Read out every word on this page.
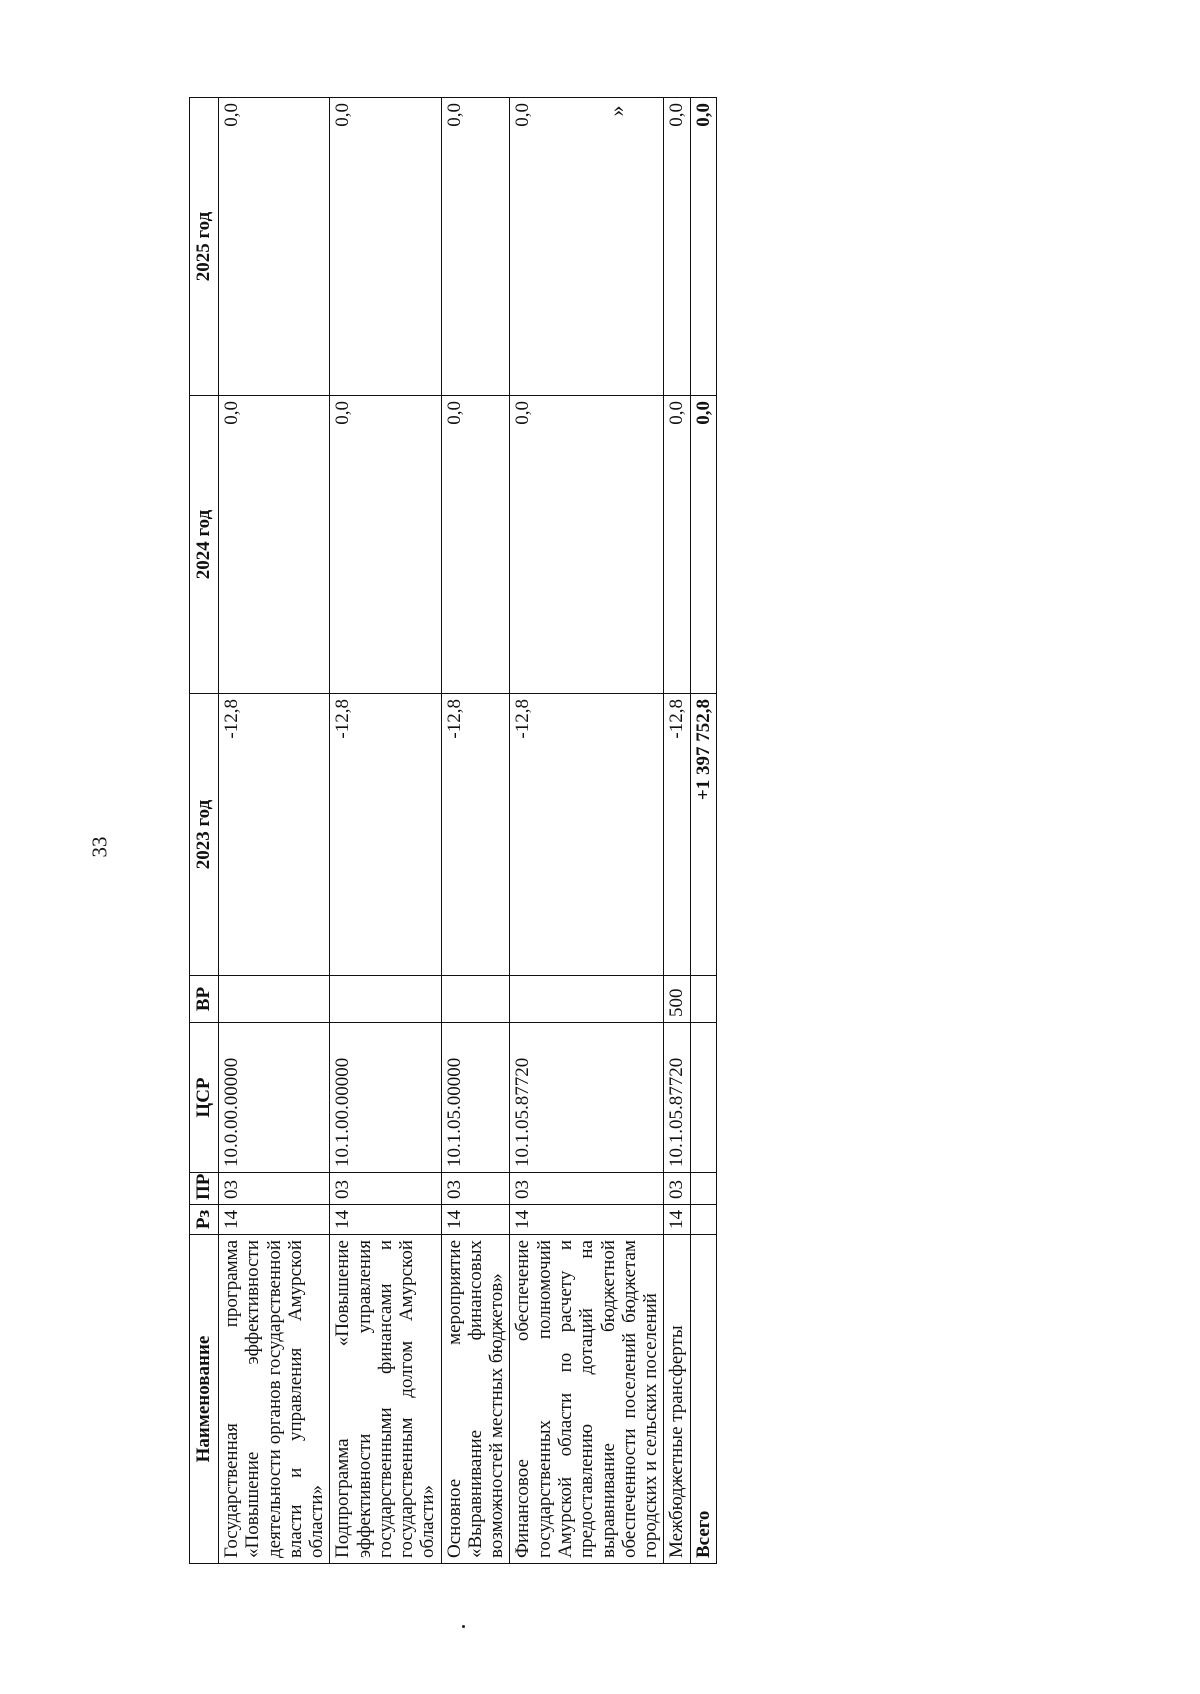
33
Наименование	Рз	ПР	ЦСР	ВР	2023 год	2024 год	2025 год
Государственная программа «Повышение эффективности деятельности органов государственной власти и управления Амурской области»	14	03	10.0.00.00000		-12,8	0,0	0,0
Подпрограмма «Повышение эффективности управления государственными финансами и государственным долгом Амурской области»	14	03	10.1.00.00000		-12,8	0,0	0,0
Основное мероприятие «Выравнивание финансовых возможностей местных бюджетов»	14	03	10.1.05.00000		-12,8	0,0	0,0
Финансовое обеспечение государственных полномочий Амурской области по расчету и предоставлению дотаций на выравнивание бюджетной обеспеченности поселений бюджетам городских и сельских поселений	14	03	10.1.05.87720		-12,8	0,0	0,0
Межбюджетные трансферты	14	03	10.1.05.87720	500	-12,8	0,0	0,0
Всего					+1 397 752,8	0,0	0,0
»
